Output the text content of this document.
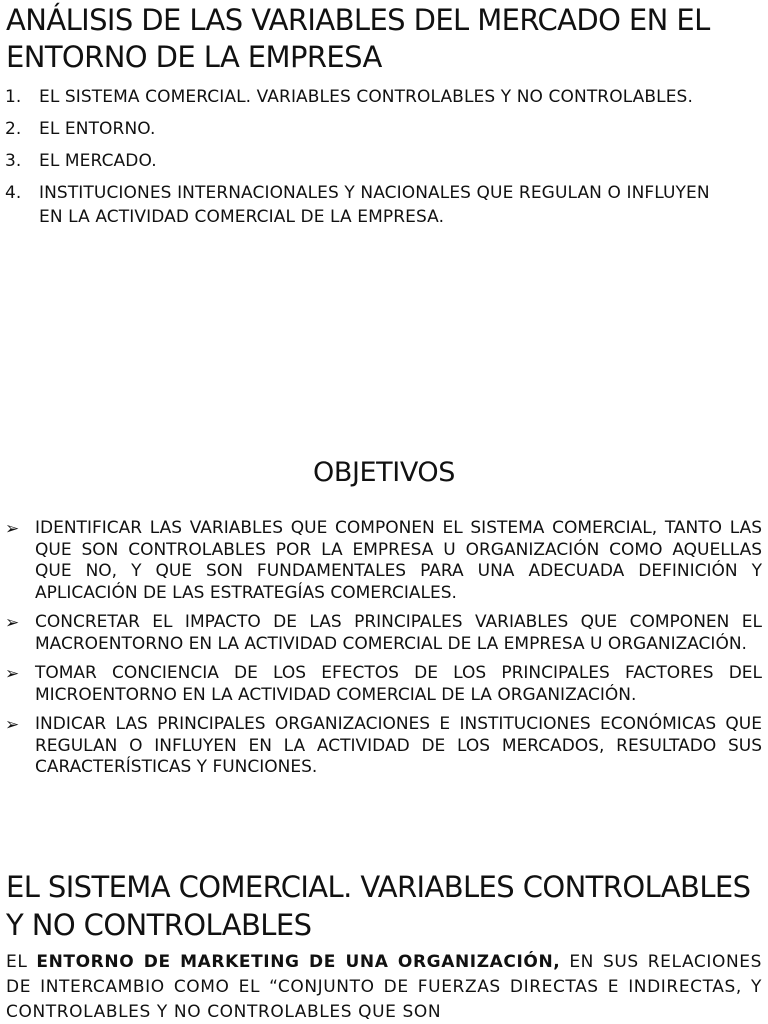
ANÁLISIS DE LAS VARIABLES DEL MERCADO EN EL ENTORNO DE LA EMPRESA
1. EL SISTEMA COMERCIAL. VARIABLES CONTROLABLES Y NO CONTROLABLES.
2. EL ENTORNO.
3. EL MERCADO.
4. INSTITUCIONES INTERNACIONALES Y NACIONALES QUE REGULAN O INFLUYEN EN LA ACTIVIDAD COMERCIAL DE LA EMPRESA.
OBJETIVOS
➢ IDENTIFICAR LAS VARIABLES QUE COMPONEN EL SISTEMA COMERCIAL, TANTO LAS QUE SON CONTROLABLES POR LA EMPRESA U ORGANIZACIÓN COMO AQUELLAS QUE NO, Y QUE SON FUNDAMENTALES PARA UNA ADECUADA DEFINICIÓN Y APLICACIÓN DE LAS ESTRATEGÍAS COMERCIALES.
➢ CONCRETAR EL IMPACTO DE LAS PRINCIPALES VARIABLES QUE COMPONEN EL MACROENTORNO EN LA ACTIVIDAD COMERCIAL DE LA EMPRESA U ORGANIZACIÓN.
➢ TOMAR CONCIENCIA DE LOS EFECTOS DE LOS PRINCIPALES FACTORES DEL MICROENTORNO EN LA ACTIVIDAD COMERCIAL DE LA ORGANIZACIÓN.
➢ INDICAR LAS PRINCIPALES ORGANIZACIONES E INSTITUCIONES ECONÓMICAS QUE REGULAN O INFLUYEN EN LA ACTIVIDAD DE LOS MERCADOS, RESULTADO SUS CARACTERÍSTICAS Y FUNCIONES.
EL SISTEMA COMERCIAL. VARIABLES CONTROLABLES Y NO CONTROLABLES

EL ENTORNO DE MARKETING DE UNA ORGANIZACIÓN, EN SUS RELACIONES DE INTERCAMBIO COMO EL “CONJUNTO DE FUERZAS DIRECTAS E INDIRECTAS, Y CONTROLABLES Y NO CONTROLABLES QUE SON
